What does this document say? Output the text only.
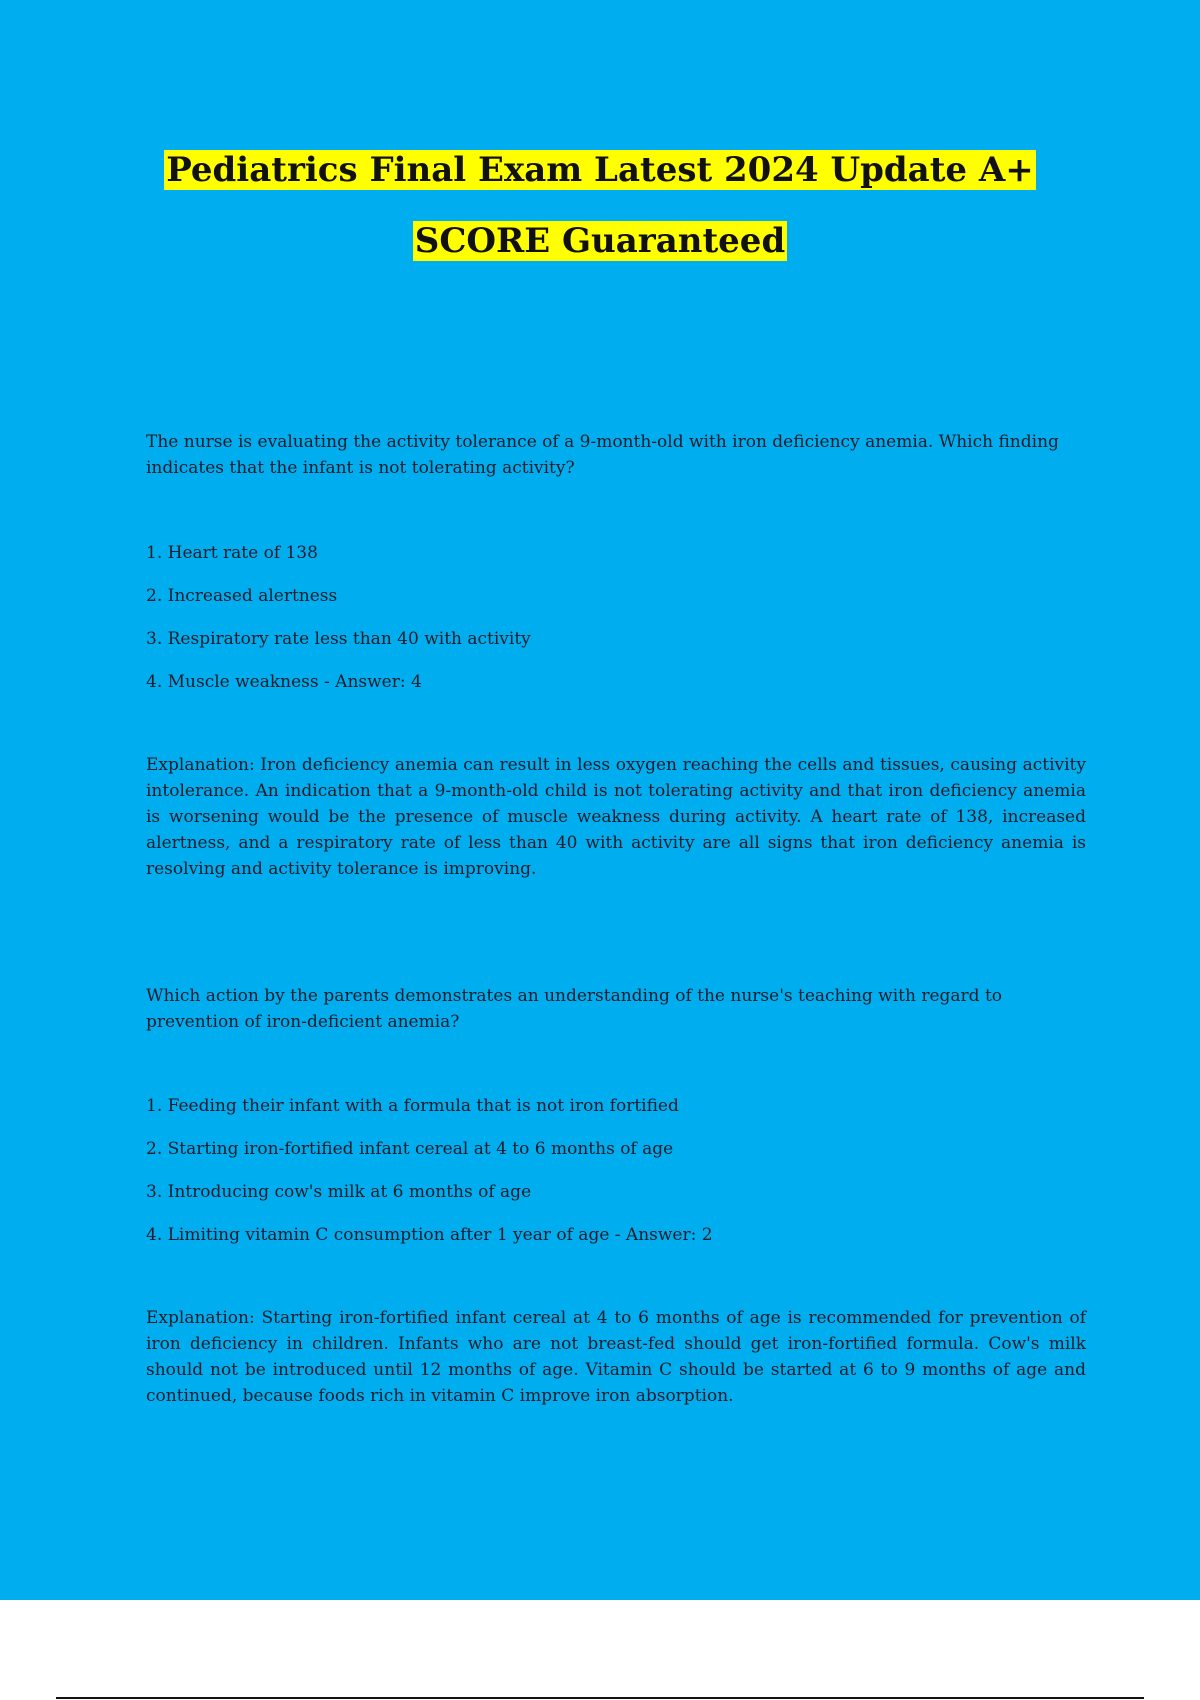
Pediatrics Final Exam Latest 2024 Update A+
SCORE Guaranteed
The nurse is evaluating the activity tolerance of a 9-month-old with iron deficiency anemia. Which finding indicates that the infant is not tolerating activity?
1. Heart rate of 138
2. Increased alertness
3. Respiratory rate less than 40 with activity
4. Muscle weakness - Answer: 4
Explanation: Iron deficiency anemia can result in less oxygen reaching the cells and tissues, causing activity intolerance. An indication that a 9-month-old child is not tolerating activity and that iron deficiency anemia is worsening would be the presence of muscle weakness during activity. A heart rate of 138, increased alertness, and a respiratory rate of less than 40 with activity are all signs that iron deficiency anemia is resolving and activity tolerance is improving.
Which action by the parents demonstrates an understanding of the nurse's teaching with regard to prevention of iron-deficient anemia?
1. Feeding their infant with a formula that is not iron fortified
2. Starting iron-fortified infant cereal at 4 to 6 months of age
3. Introducing cow's milk at 6 months of age
4. Limiting vitamin C consumption after 1 year of age - Answer: 2
Explanation: Starting iron-fortified infant cereal at 4 to 6 months of age is recommended for prevention of iron deficiency in children. Infants who are not breast-fed should get iron-fortified formula. Cow's milk should not be introduced until 12 months of age. Vitamin C should be started at 6 to 9 months of age and continued, because foods rich in vitamin C improve iron absorption.
